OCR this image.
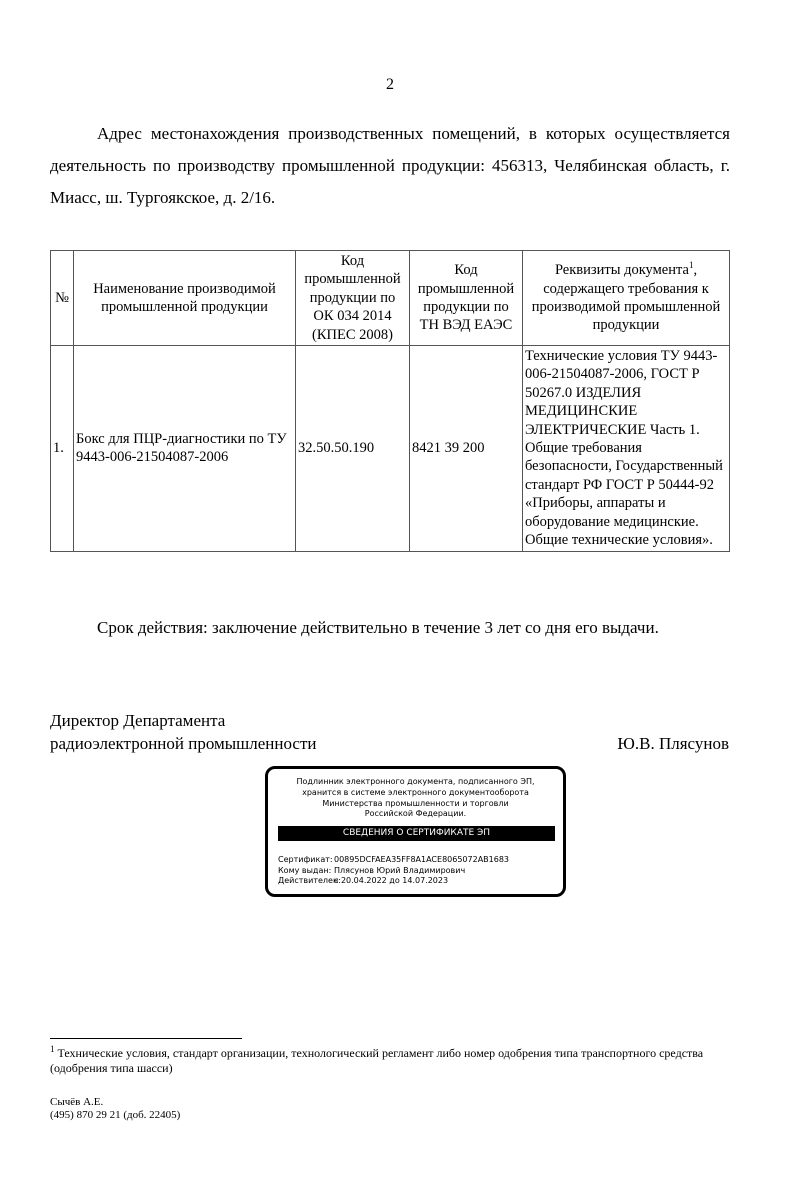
2
Адрес местонахождения производственных помещений, в которых осуществляется деятельность по производству промышленной продукции: 456313, Челябинская область, г. Миасс, ш. Тургоякское, д. 2/16.
№	Наименование производимой промышленной продукции	Код промышленной продукции по ОК 034 2014 (КПЕС 2008)	Код промышленной продукции по ТН ВЭД ЕАЭС	Реквизиты документа$^1$, содержащего требования к производимой промышленной продукции
1.	Бокс для ПЦР-диагностики по ТУ 9443-006-21504087-2006	32.50.50.190	8421 39 200	Технические условия ТУ 9443-006-21504087-2006, ГОСТ Р 50267.0 ИЗДЕЛИЯ МЕДИЦИНСКИЕ ЭЛЕКТРИЧЕСКИЕ Часть 1. Общие требования безопасности, Государственный стандарт РФ ГОСТ Р 50444-92 «Приборы, аппараты и оборудование медицинские. Общие технические условия».
Срок действия: заключение действительно в течение 3 лет со дня его выдачи.
Директор Департамента
радиоэлектронной промышленности	Ю.В. Плясунов
Подлинник электронного документа, подписанного ЭП,
хранится в системе электронного документооборота
Министерства промышленности и торговли
Российской Федерации.
СВЕДЕНИЯ О СЕРТИФИКАТЕ ЭП
Сертификат:00895DCFAEA35FF8A1ACE8065072AB1683
Кому выдан: Плясунов Юрий Владимирович
Действителен:с 20.04.2022 до 14.07.2023
$^1$ Технические условия, стандарт организации, технологический регламент либо номер одобрения типа транспортного средства (одобрения типа шасси)
Сычёв А.Е.
(495) 870 29 21 (доб. 22405)
